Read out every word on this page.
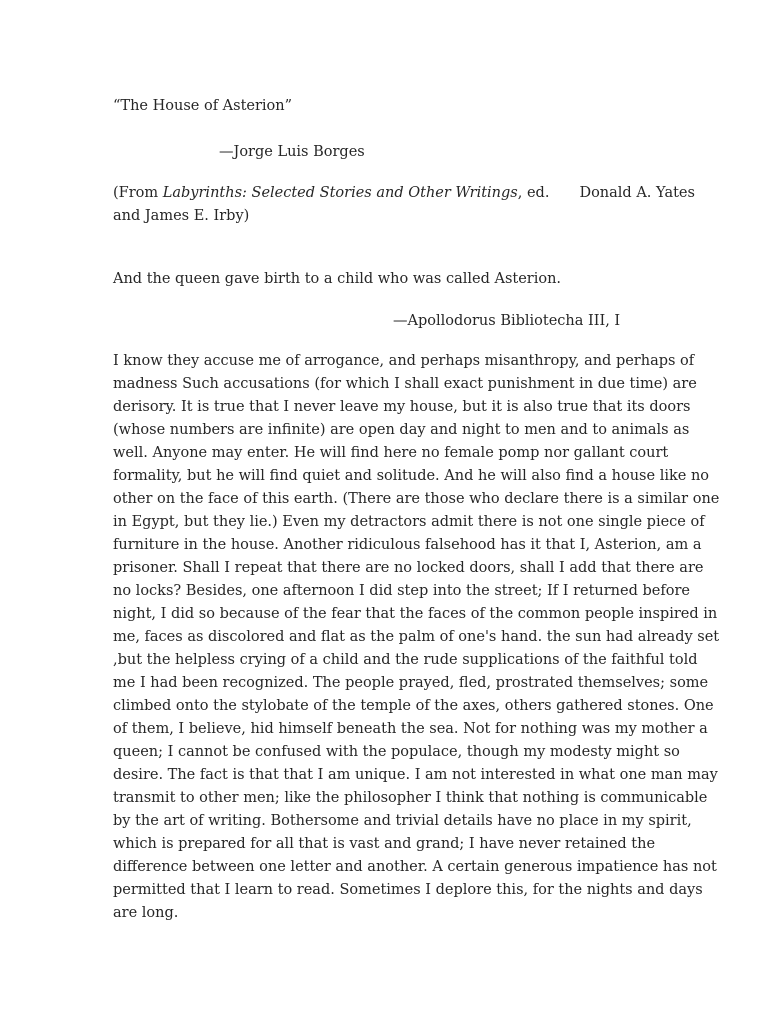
“The House of Asterion”
—Jorge Luis Borges
(From Labyrinths: Selected Stories and Other Writings, ed. Donald A. Yates
and James E. Irby)
And the queen gave birth to a child who was called Asterion.
—Apollodorus Bibliotecha III, I
I know they accuse me of arrogance, and perhaps misanthropy, and perhaps of
madness Such accusations (for which I shall exact punishment in due time) are
derisory. It is true that I never leave my house, but it is also true that its doors
(whose numbers are infinite) are open day and night to men and to animals as
well. Anyone may enter. He will find here no female pomp nor gallant court
formality, but he will find quiet and solitude. And he will also find a house like no
other on the face of this earth. (There are those who declare there is a similar one
in Egypt, but they lie.) Even my detractors admit there is not one single piece of
furniture in the house. Another ridiculous falsehood has it that I, Asterion, am a
prisoner. Shall I repeat that there are no locked doors, shall I add that there are
no locks? Besides, one afternoon I did step into the street; If I returned before
night, I did so because of the fear that the faces of the common people inspired in
me, faces as discolored and flat as the palm of one's hand. the sun had already set
,but the helpless crying of a child and the rude supplications of the faithful told
me I had been recognized. The people prayed, fled, prostrated themselves; some
climbed onto the stylobate of the temple of the axes, others gathered stones. One
of them, I believe, hid himself beneath the sea. Not for nothing was my mother a
queen; I cannot be confused with the populace, though my modesty might so
desire. The fact is that that I am unique. I am not interested in what one man may
transmit to other men; like the philosopher I think that nothing is communicable
by the art of writing. Bothersome and trivial details have no place in my spirit,
which is prepared for all that is vast and grand; I have never retained the
difference between one letter and another. A certain generous impatience has not
permitted that I learn to read. Sometimes I deplore this, for the nights and days
are long.
